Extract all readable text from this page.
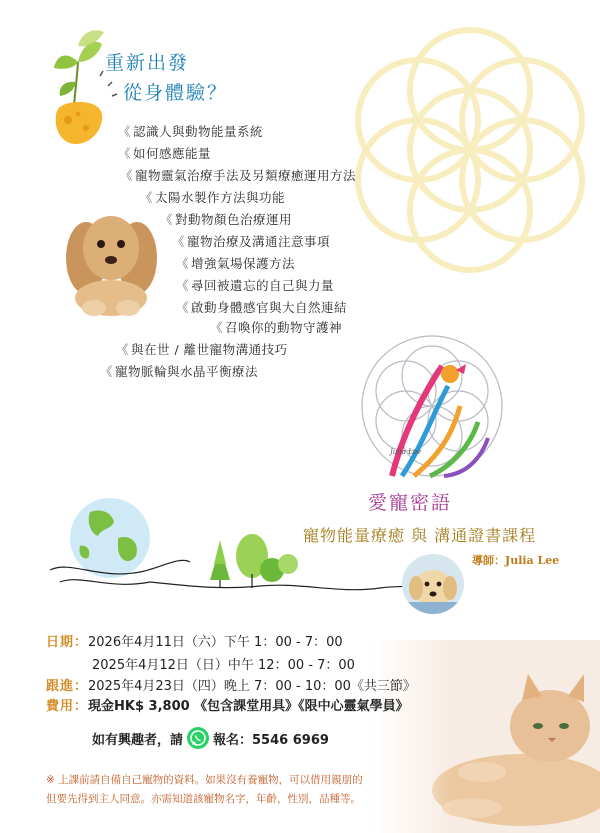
重新出發
從身體驗？
《 認識人與動物能量系統
《 如何感應能量
《 寵物靈氣治療手法及另類療癒運用方法
《 太陽水製作方法與功能
《 對動物顏色治療運用
《 寵物治療及溝通注意事項
《 增強氣場保護方法
《 尋回被遺忘的自己與力量
《 啟動身體感官與大自然連結
《 召喚你的動物守護神
《 與在世 / 離世寵物溝通技巧
《 寵物脈輪與水晶平衡療法
Julia Lee
愛寵密語
寵物能量療癒 與 溝通證書課程
導師：Julia Lee
日期：2026年4月11日（六）下午 1：00 - 7：00
2025年4月12日（日）中午 12：00 - 7：00
跟進：2025年4月23日（四）晚上 7：00 - 10：00《共三節》
費用：現金HK$ 3,800 《包含課堂用具》《限中心靈氣學員》
如有興趣者，請 報名：5546 6969
※ 上課前請自備自己寵物的資料。如果沒有養寵物，可以借用親朋的
但要先得到主人同意。亦需知道該寵物名字，年齡，性別，品種等。
